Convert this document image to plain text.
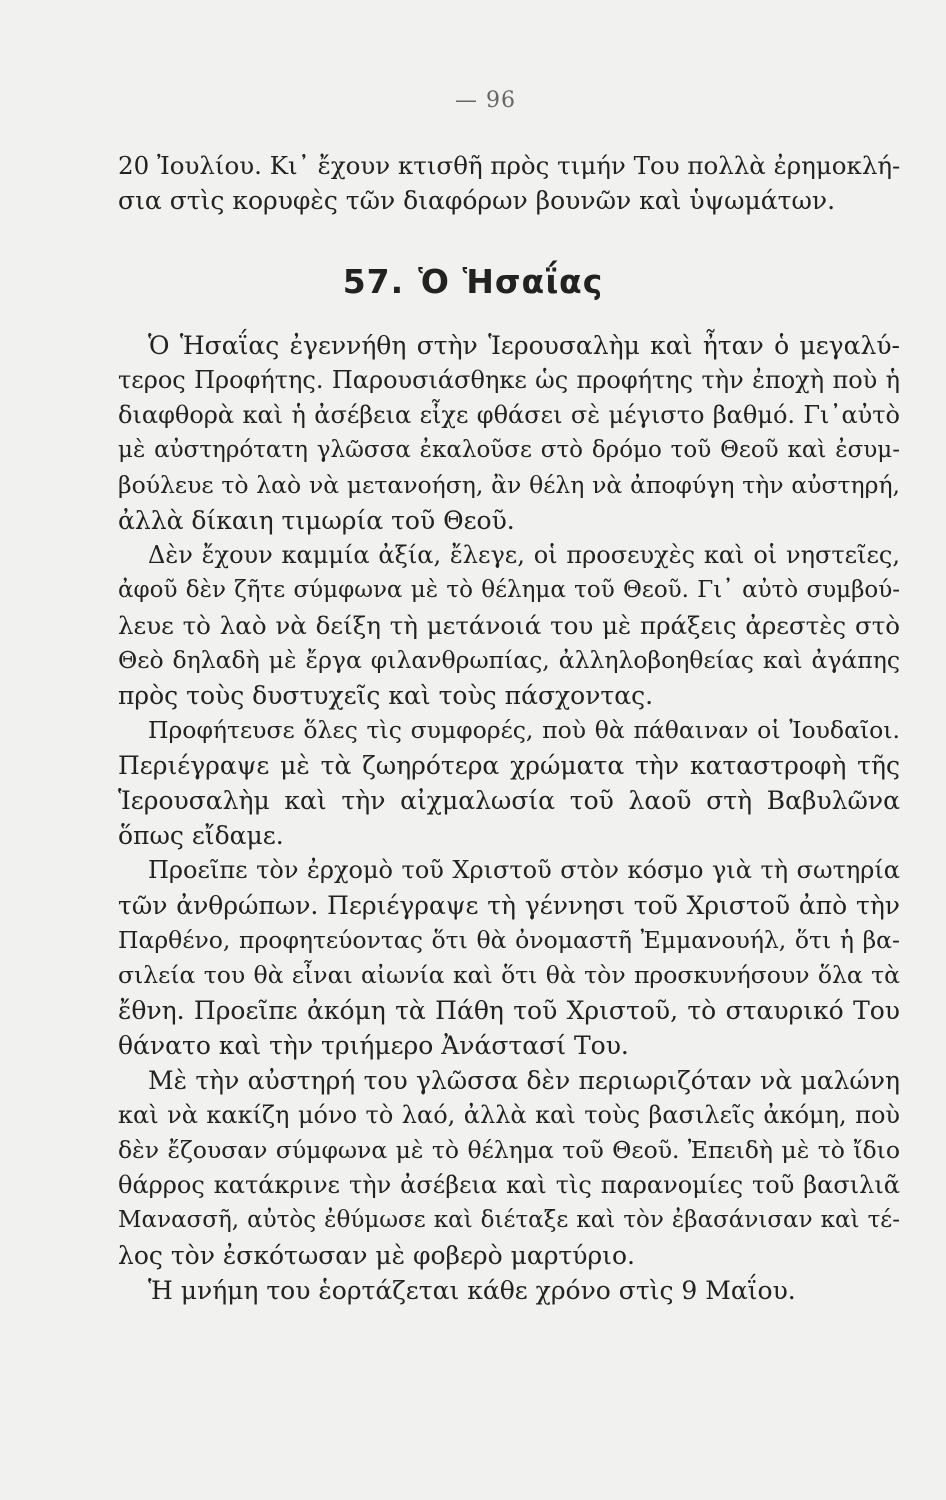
— 96

20 Ἰουλίου. Κι᾽ ἔχουν κτισθῆ πρὸς τιμήν Του πολλὰ ἐρημοκλή-
σια στὶς κορυφὲς τῶν διαφόρων βουνῶν καὶ ὑψωμάτων.

57. Ὁ Ἡσαΐας

Ὁ Ἡσαΐας ἐγεννήθη στὴν Ἱερουσαλὴμ καὶ ἦταν ὁ μεγαλύ-
τερος Προφήτης. Παρουσιάσθηκε ὡς προφήτης τὴν ἐποχὴ ποὺ ἡ
διαφθορὰ καὶ ἡ ἀσέβεια εἶχε φθάσει σὲ μέγιστο βαθμό. Γι᾽αὐτὸ
μὲ αὐστηρότατη γλῶσσα ἐκαλοῦσε στὸ δρόμο τοῦ Θεοῦ καὶ ἐσυμ-
βούλευε τὸ λαὸ νὰ μετανοήση, ἂν θέλη νὰ ἀποφύγη τὴν αὐστηρή,
ἀλλὰ δίκαιη τιμωρία τοῦ Θεοῦ.

Δὲν ἔχουν καμμία ἀξία, ἔλεγε, οἱ προσευχὲς καὶ οἱ νηστεῖες,
ἀφοῦ δὲν ζῆτε σύμφωνα μὲ τὸ θέλημα τοῦ Θεοῦ. Γι᾽ αὐτὸ συμβού-
λευε τὸ λαὸ νὰ δείξη τὴ μετάνοιά του μὲ πράξεις ἀρεστὲς στὸ
Θεὸ δηλαδὴ μὲ ἔργα φιλανθρωπίας, ἀλληλοβοηθείας καὶ ἀγάπης
πρὸς τοὺς δυστυχεῖς καὶ τοὺς πάσχοντας.

Προφήτευσε ὅλες τὶς συμφορές, ποὺ θὰ πάθαιναν οἱ Ἰουδαῖοι.
Περιέγραψε μὲ τὰ ζωηρότερα χρώματα τὴν καταστροφὴ τῆς
Ἱερουσαλὴμ καὶ τὴν αἰχμαλωσία τοῦ λαοῦ στὴ Βαβυλῶνα
ὅπως εἴδαμε.

Προεῖπε τὸν ἐρχομὸ τοῦ Χριστοῦ στὸν κόσμο γιὰ τὴ σωτηρία
τῶν ἀνθρώπων. Περιέγραψε τὴ γέννησι τοῦ Χριστοῦ ἀπὸ τὴν
Παρθένο, προφητεύοντας ὅτι θὰ ὀνομαστῆ Ἐμμανουήλ, ὅτι ἡ βα-
σιλεία του θὰ εἶναι αἰωνία καὶ ὅτι θὰ τὸν προσκυνήσουν ὅλα τὰ
ἔθνη. Προεῖπε ἀκόμη τὰ Πάθη τοῦ Χριστοῦ, τὸ σταυρικό Του
θάνατο καὶ τὴν τριήμερο Ἀνάστασί Του.

Μὲ τὴν αὐστηρή του γλῶσσα δὲν περιωριζόταν νὰ μαλώνη
καὶ νὰ κακίζη μόνο τὸ λαό, ἀλλὰ καὶ τοὺς βασιλεῖς ἀκόμη, ποὺ
δὲν ἔζουσαν σύμφωνα μὲ τὸ θέλημα τοῦ Θεοῦ. Ἐπειδὴ μὲ τὸ ἴδιο
θάρρος κατάκρινε τὴν ἀσέβεια καὶ τὶς παρανομίες τοῦ βασιλιᾶ
Μανασσῆ, αὐτὸς ἐθύμωσε καὶ διέταξε καὶ τὸν ἐβασάνισαν καὶ τέ-
λος τὸν ἐσκότωσαν μὲ φοβερὸ μαρτύριο.

Ἡ μνήμη του ἑορτάζεται κάθε χρόνο στὶς 9 Μαΐου.
